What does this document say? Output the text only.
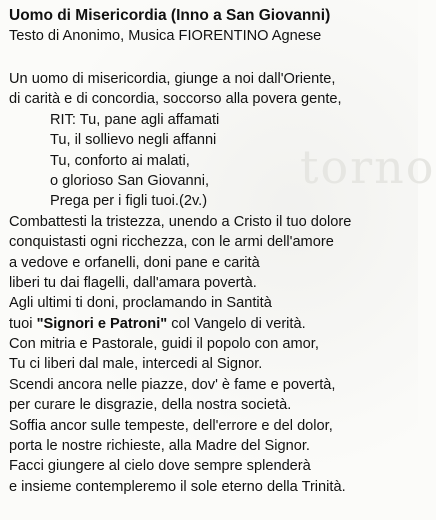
torno
Uomo di Misericordia (Inno a San Giovanni)
Testo di Anonimo, Musica FIORENTINO Agnese
Un uomo di misericordia, giunge a noi dall'Oriente,
di carità e di concordia, soccorso alla povera gente,
RIT: Tu, pane agli affamati
Tu, il sollievo negli affanni
Tu, conforto ai malati,
o glorioso San Giovanni,
Prega per i figli tuoi.(2v.)
Combattesti la tristezza, unendo a Cristo il tuo dolore
conquistasti ogni ricchezza, con le armi dell'amore
a vedove e orfanelli, doni pane e carità
liberi tu dai flagelli, dall'amara povertà.
Agli ultimi ti doni, proclamando in Santità
tuoi "Signori e Patroni" col Vangelo di verità.
Con mitria e Pastorale, guidi il popolo con amor,
Tu ci liberi dal male, intercedi al Signor.
Scendi ancora nelle piazze, dov' è fame e povertà,
per curare le disgrazie, della nostra società.
Soffia ancor sulle tempeste, dell'errore e del dolor,
porta le nostre richieste, alla Madre del Signor.
Facci giungere al cielo dove sempre splenderà
e insieme contempleremo il sole eterno della Trinità.
